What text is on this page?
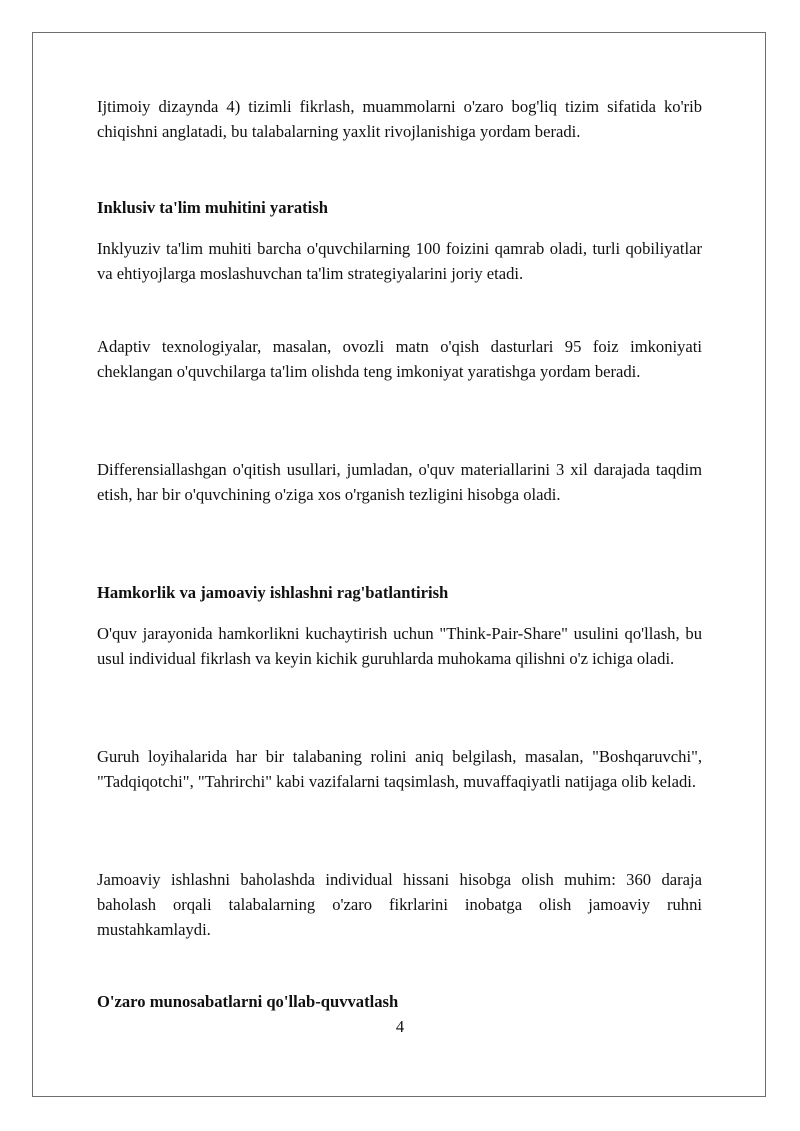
Ijtimoiy dizaynda 4) tizimli fikrlash, muammolarni o'zaro bog'liq tizim sifatida ko'rib chiqishni anglatadi, bu talabalarning yaxlit rivojlanishiga yordam beradi.

Inklusiv ta'lim muhitini yaratish

Inklyuziv ta'lim muhiti barcha o'quvchilarning 100 foizini qamrab oladi, turli qobiliyatlar va ehtiyojlarga moslashuvchan ta'lim strategiyalarini joriy etadi.

Adaptiv texnologiyalar, masalan, ovozli matn o'qish dasturlari 95 foiz imkoniyati cheklangan o'quvchilarga ta'lim olishda teng imkoniyat yaratishga yordam beradi.

Differensiallashgan o'qitish usullari, jumladan, o'quv materiallarini 3 xil darajada taqdim etish, har bir o'quvchining o'ziga xos o'rganish tezligini hisobga oladi.

Hamkorlik va jamoaviy ishlashni rag'batlantirish

O'quv jarayonida hamkorlikni kuchaytirish uchun "Think-Pair-Share" usulini qo'llash, bu usul individual fikrlash va keyin kichik guruhlarda muhokama qilishni o'z ichiga oladi.

Guruh loyihalarida har bir talabaning rolini aniq belgilash, masalan, "Boshqaruvchi", "Tadqiqotchi", "Tahrirchi" kabi vazifalarni taqsimlash, muvaffaqiyatli natijaga olib keladi.

Jamoaviy ishlashni baholashda individual hissani hisobga olish muhim: 360 daraja baholash orqali talabalarning o'zaro fikrlarini inobatga olish jamoaviy ruhni mustahkamlaydi.

O'zaro munosabatlarni qo'llab-quvvatlash

4
